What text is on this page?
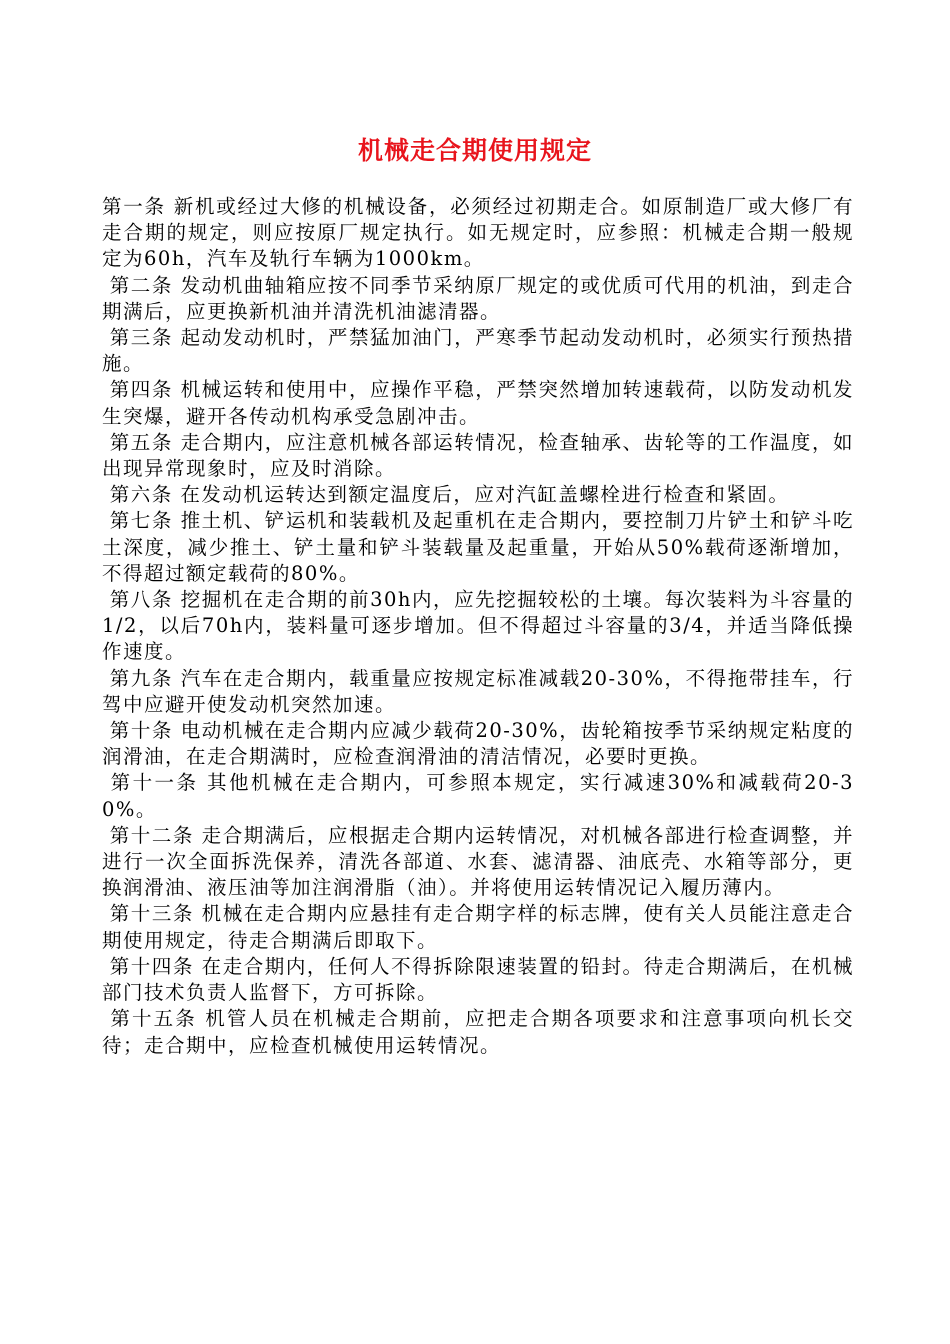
机械走合期使用规定

第一条 新机或经过大修的机械设备，必须经过初期走合。如原制造厂或大修厂有走合期的规定，则应按原厂规定执行。如无规定时，应参照：机械走合期一般规定为60h，汽车及轨行车辆为1000km。

第二条 发动机曲轴箱应按不同季节采纳原厂规定的或优质可代用的机油，到走合期满后，应更换新机油并清洗机油滤清器。

第三条 起动发动机时，严禁猛加油门，严寒季节起动发动机时，必须实行预热措施。

第四条 机械运转和使用中，应操作平稳，严禁突然增加转速载荷，以防发动机发生突爆，避开各传动机构承受急剧冲击。

第五条 走合期内，应注意机械各部运转情况，检查轴承、齿轮等的工作温度，如出现异常现象时，应及时消除。

第六条 在发动机运转达到额定温度后，应对汽缸盖螺栓进行检查和紧固。

第七条 推土机、铲运机和装载机及起重机在走合期内，要控制刀片铲土和铲斗吃土深度，减少推土、铲土量和铲斗装载量及起重量，开始从50%载荷逐渐增加，不得超过额定载荷的80%。

第八条 挖掘机在走合期的前30h内，应先挖掘较松的土壤。每次装料为斗容量的1/2，以后70h内，装料量可逐步增加。但不得超过斗容量的3/4，并适当降低操作速度。

第九条 汽车在走合期内，载重量应按规定标准减载20-30%，不得拖带挂车，行驾中应避开使发动机突然加速。

第十条 电动机械在走合期内应减少载荷20-30%，齿轮箱按季节采纳规定粘度的润滑油，在走合期满时，应检查润滑油的清洁情况，必要时更换。

第十一条 其他机械在走合期内，可参照本规定，实行减速30%和减载荷20-30%。

第十二条 走合期满后，应根据走合期内运转情况，对机械各部进行检查调整，并进行一次全面拆洗保养，清洗各部道、水套、滤清器、油底壳、水箱等部分，更换润滑油、液压油等加注润滑脂（油）。并将使用运转情况记入履历薄内。

第十三条 机械在走合期内应悬挂有走合期字样的标志牌，使有关人员能注意走合期使用规定，待走合期满后即取下。

第十四条 在走合期内，任何人不得拆除限速装置的铅封。待走合期满后，在机械部门技术负责人监督下，方可拆除。

第十五条 机管人员在机械走合期前，应把走合期各项要求和注意事项向机长交待；走合期中，应检查机械使用运转情况。
